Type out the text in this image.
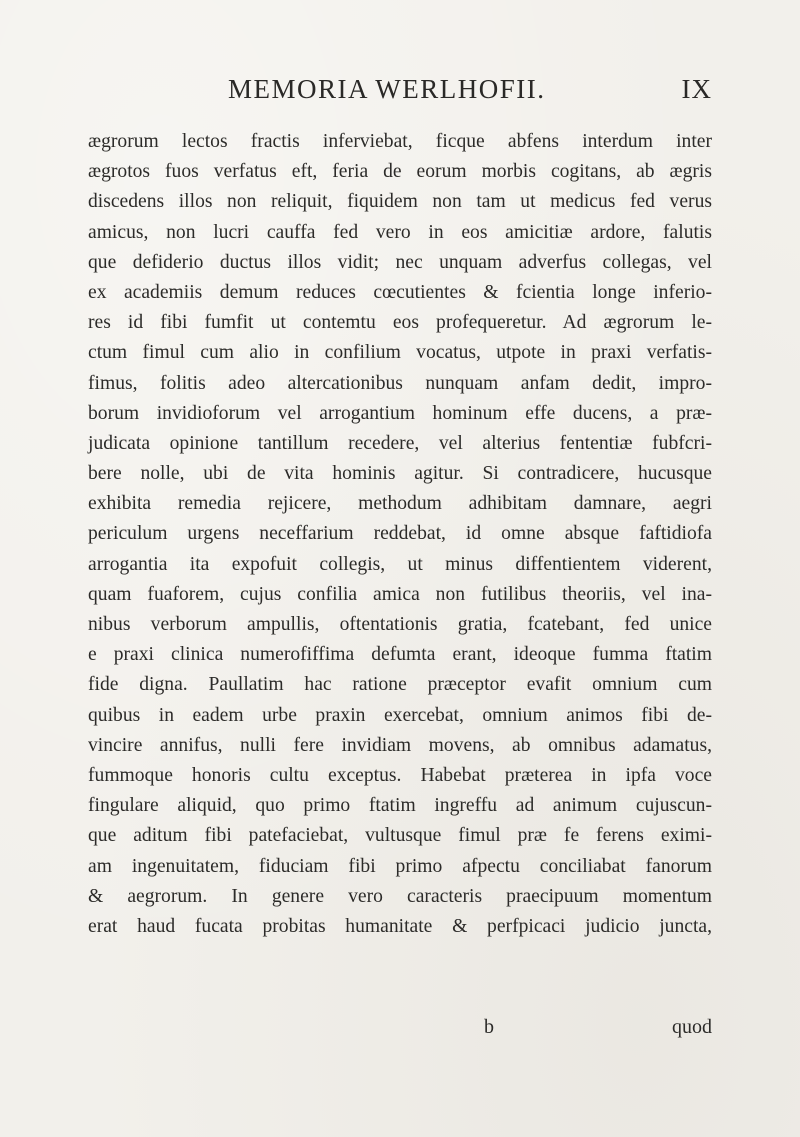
MEMORIA WERLHOFII.	IX
ægrorum lectos fractis inferviebat, ficque abfens interdum inter
ægrotos fuos verfatus eft, feria de eorum morbis cogitans, ab ægris
discedens illos non reliquit, fiquidem non tam ut medicus fed verus
amicus, non lucri cauffa fed vero in eos amicitiæ ardore, falutis
que defiderio ductus illos vidit; nec unquam adverfus collegas, vel
ex academiis demum reduces cœcutientes & fcientia longe inferio-
res id fibi fumfit ut contemtu eos profequeretur. Ad ægrorum le-
ctum fimul cum alio in confilium vocatus, utpote in praxi verfatis-
fimus, folitis adeo altercationibus nunquam anfam dedit, impro-
borum invidioforum vel arrogantium hominum effe ducens, a præ-
judicata opinione tantillum recedere, vel alterius fententiæ fubfcri-
bere nolle, ubi de vita hominis agitur. Si contradicere, hucusque
exhibita remedia rejicere, methodum adhibitam damnare, aegri
periculum urgens neceffarium reddebat, id omne absque faftidiofa
arrogantia ita expofuit collegis, ut minus diffentientem viderent,
quam fuaforem, cujus confilia amica non futilibus theoriis, vel ina-
nibus verborum ampullis, oftentationis gratia, fcatebant, fed unice
e praxi clinica numerofiffima defumta erant, ideoque fumma ftatim
fide digna. Paullatim hac ratione præceptor evafit omnium cum
quibus in eadem urbe praxin exercebat, omnium animos fibi de-
vincire annifus, nulli fere invidiam movens, ab omnibus adamatus,
fummoque honoris cultu exceptus. Habebat præterea in ipfa voce
fingulare aliquid, quo primo ftatim ingreffu ad animum cujuscun-
que aditum fibi patefaciebat, vultusque fimul præ fe ferens eximi-
am ingenuitatem, fiduciam fibi primo afpectu conciliabat fanorum
& aegrorum. In genere vero caracteris praecipuum momentum
erat haud fucata probitas humanitate & perfpicaci judicio juncta,
b	quod
